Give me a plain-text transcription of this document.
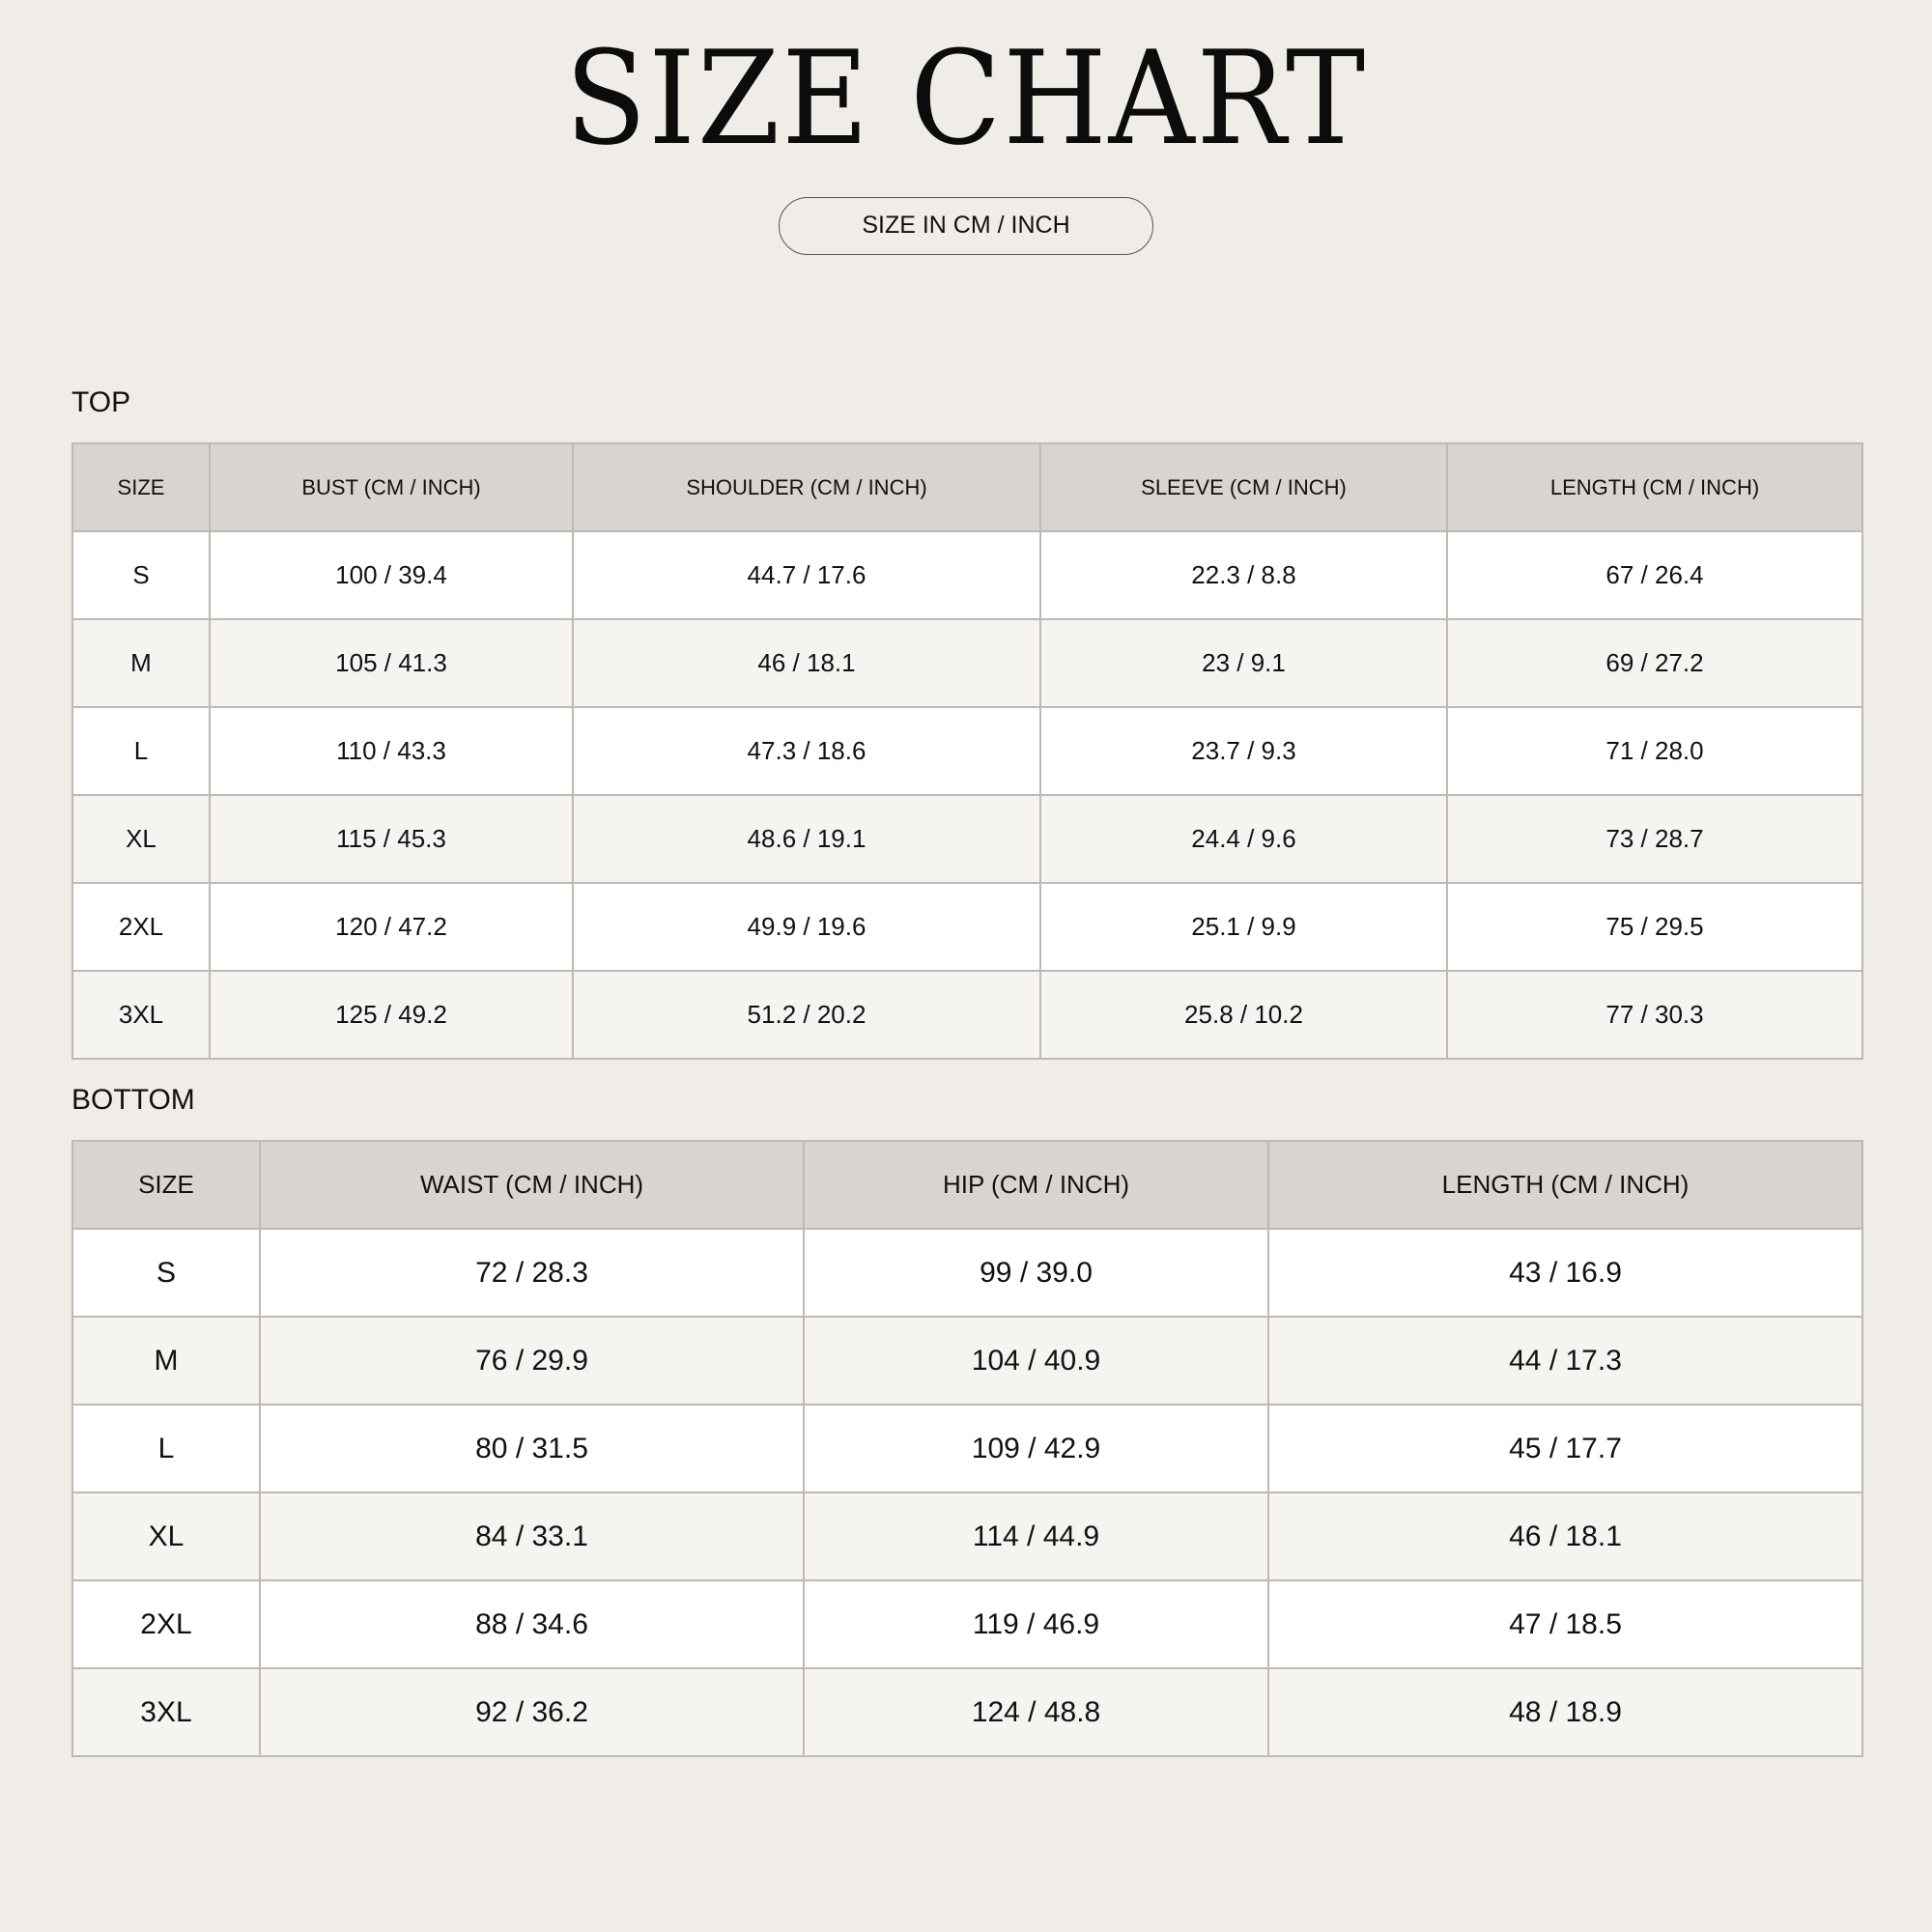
SIZE CHART
SIZE IN CM / INCH
TOP
SIZE	BUST (CM / INCH)	SHOULDER (CM / INCH)	SLEEVE (CM / INCH)	LENGTH (CM / INCH)
S	100 / 39.4	44.7 / 17.6	22.3 / 8.8	67 / 26.4
M	105 / 41.3	46 / 18.1	23 / 9.1	69 / 27.2
L	110 / 43.3	47.3 / 18.6	23.7 / 9.3	71 / 28.0
XL	115 / 45.3	48.6 / 19.1	24.4 / 9.6	73 / 28.7
2XL	120 / 47.2	49.9 / 19.6	25.1 / 9.9	75 / 29.5
3XL	125 / 49.2	51.2 / 20.2	25.8 / 10.2	77 / 30.3
BOTTOM
SIZE	WAIST (CM / INCH)	HIP (CM / INCH)	LENGTH (CM / INCH)
S	72 / 28.3	99 / 39.0	43 / 16.9
M	76 / 29.9	104 / 40.9	44 / 17.3
L	80 / 31.5	109 / 42.9	45 / 17.7
XL	84 / 33.1	114 / 44.9	46 / 18.1
2XL	88 / 34.6	119 / 46.9	47 / 18.5
3XL	92 / 36.2	124 / 48.8	48 / 18.9
